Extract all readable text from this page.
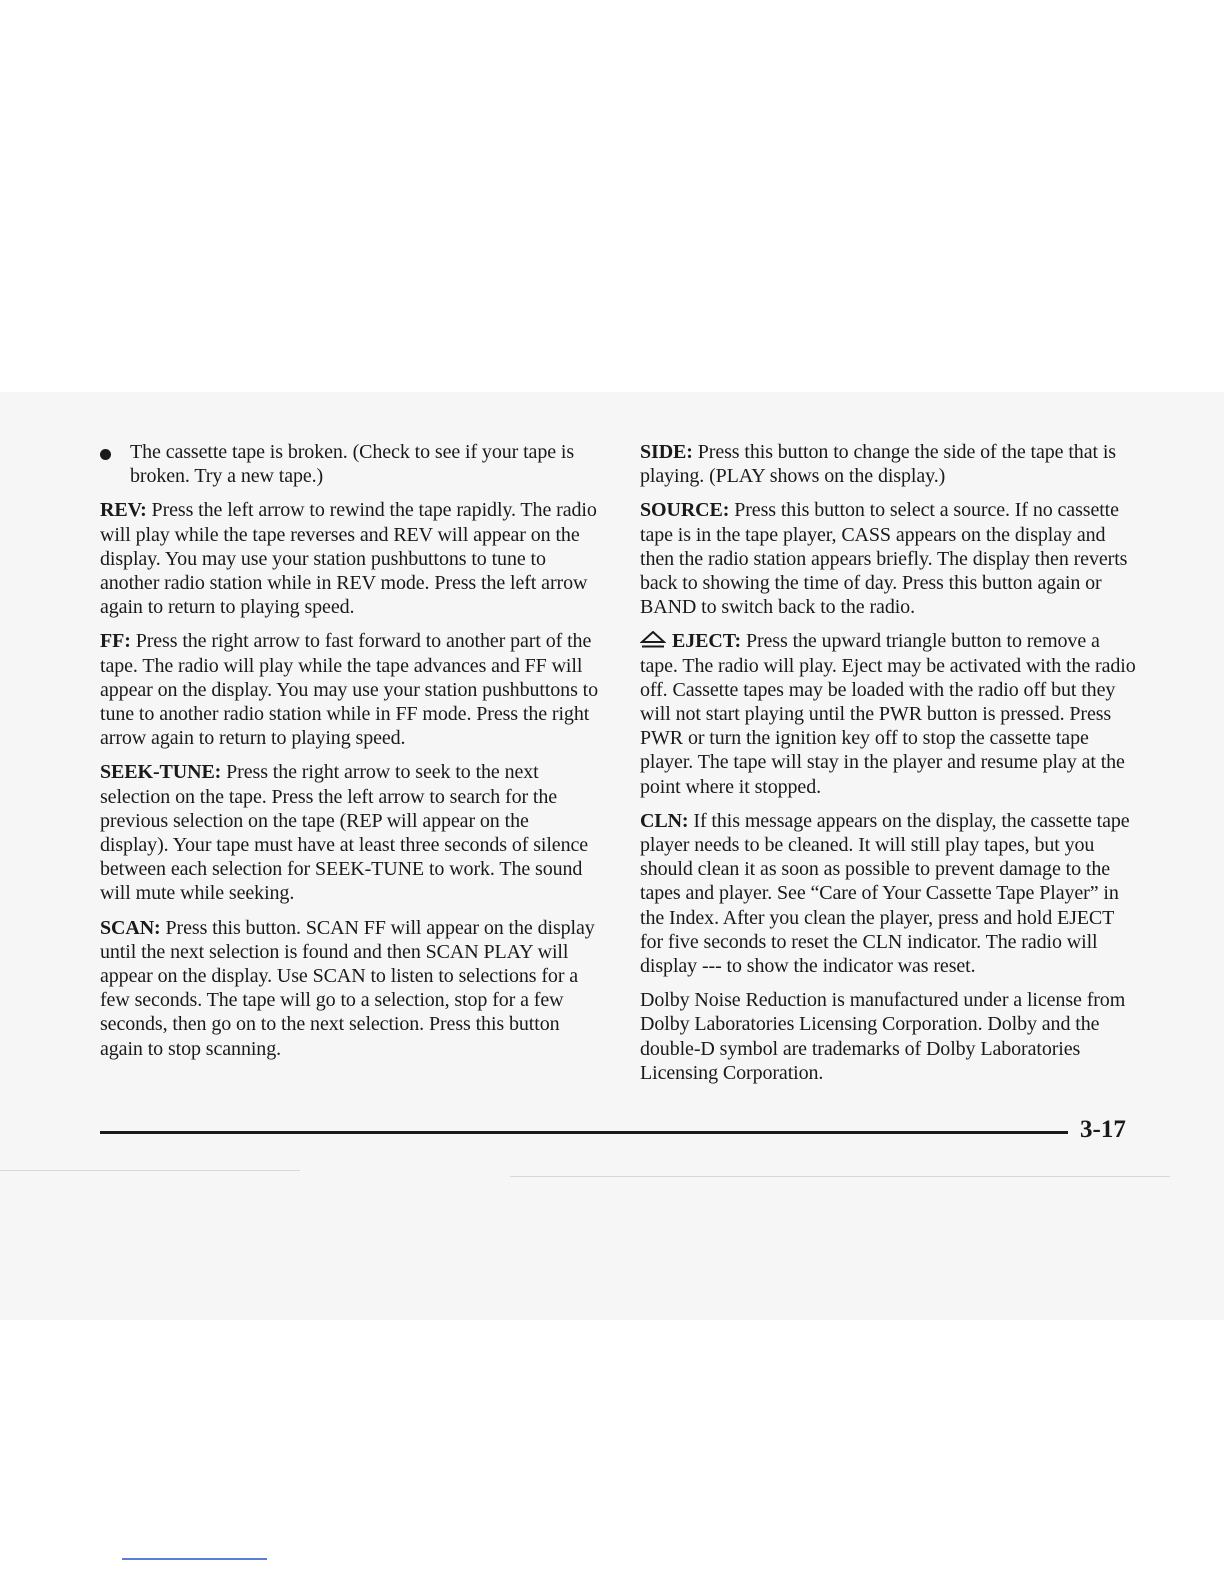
The cassette tape is broken. (Check to see if your tape is broken. Try a new tape.)

REV: Press the left arrow to rewind the tape rapidly. The radio will play while the tape reverses and REV will appear on the display. You may use your station pushbuttons to tune to another radio station while in REV mode. Press the left arrow again to return to playing speed.

FF: Press the right arrow to fast forward to another part of the tape. The radio will play while the tape advances and FF will appear on the display. You may use your station pushbuttons to tune to another radio station while in FF mode. Press the right arrow again to return to playing speed.

SEEK-TUNE: Press the right arrow to seek to the next selection on the tape. Press the left arrow to search for the previous selection on the tape (REP will appear on the display). Your tape must have at least three seconds of silence between each selection for SEEK-TUNE to work. The sound will mute while seeking.

SCAN: Press this button. SCAN FF will appear on the display until the next selection is found and then SCAN PLAY will appear on the display. Use SCAN to listen to selections for a few seconds. The tape will go to a selection, stop for a few seconds, then go on to the next selection. Press this button again to stop scanning.

SIDE: Press this button to change the side of the tape that is playing. (PLAY shows on the display.)

SOURCE: Press this button to select a source. If no cassette tape is in the tape player, CASS appears on the display and then the radio station appears briefly. The display then reverts back to showing the time of day. Press this button again or BAND to switch back to the radio.

EJECT: Press the upward triangle button to remove a tape. The radio will play. Eject may be activated with the radio off. Cassette tapes may be loaded with the radio off but they will not start playing until the PWR button is pressed. Press PWR or turn the ignition key off to stop the cassette tape player. The tape will stay in the player and resume play at the point where it stopped.

CLN: If this message appears on the display, the cassette tape player needs to be cleaned. It will still play tapes, but you should clean it as soon as possible to prevent damage to the tapes and player. See “Care of Your Cassette Tape Player” in the Index. After you clean the player, press and hold EJECT for five seconds to reset the CLN indicator. The radio will display --- to show the indicator was reset.

Dolby Noise Reduction is manufactured under a license from Dolby Laboratories Licensing Corporation. Dolby and the double-D symbol are trademarks of Dolby Laboratories Licensing Corporation.

3-17
